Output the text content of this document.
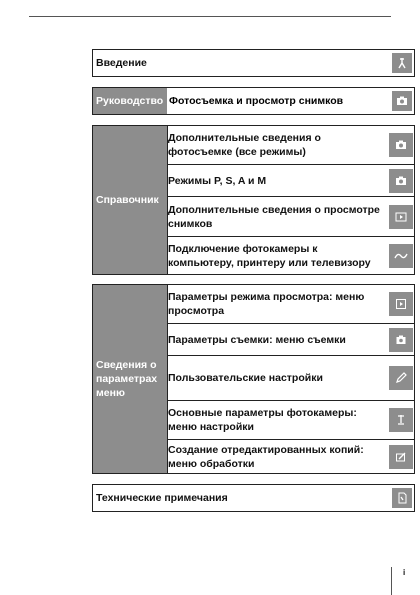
Введение
Руководство Фотосъемка и просмотр снимков
Справочник
Дополнительные сведения о фотосъемке (все режимы)
Режимы P, S, A и M
Дополнительные сведения о просмотре снимков
Подключение фотокамеры к компьютеру, принтеру или телевизору
Сведения о параметрах меню
Параметры режима просмотра: меню просмотра
Параметры съемки: меню съемки
Пользовательские настройки
Основные параметры фотокамеры: меню настройки
Создание отредактированных копий: меню обработки
Технические примечания
i
